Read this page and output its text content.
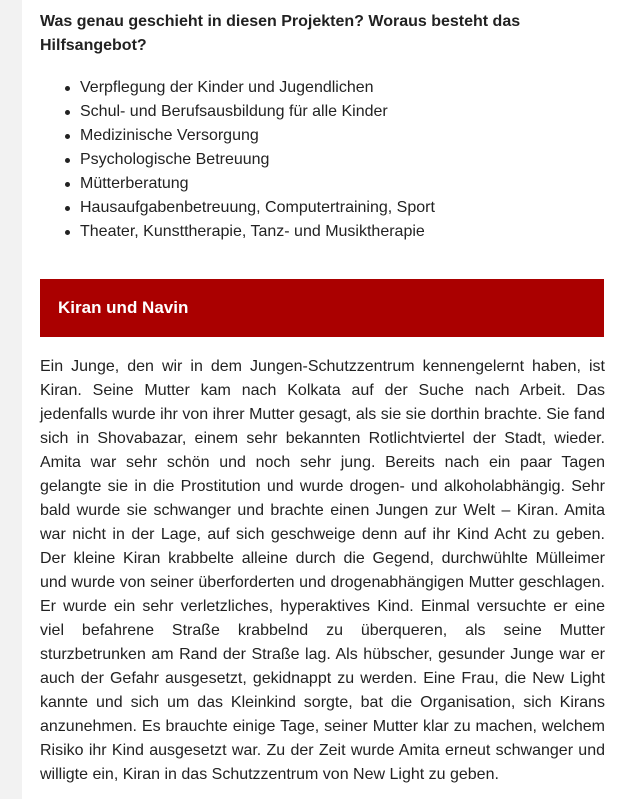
Was genau geschieht in diesen Projekten? Woraus besteht das Hilfsangebot?
Verpflegung der Kinder und Jugendlichen
Schul- und Berufsausbildung für alle Kinder
Medizinische Versorgung
Psychologische Betreuung
Mütterberatung
Hausaufgabenbetreuung, Computertraining, Sport
Theater, Kunsttherapie, Tanz- und Musiktherapie
Kiran und Navin

Ein Junge, den wir in dem Jungen-Schutzzentrum kennengelernt haben, ist Kiran. Seine Mutter kam nach Kolkata auf der Suche nach Arbeit. Das jedenfalls wurde ihr von ihrer Mutter gesagt, als sie sie dorthin brachte. Sie fand sich in Shovabazar, einem sehr bekannten Rotlichtviertel der Stadt, wieder. Amita war sehr schön und noch sehr jung. Bereits nach ein paar Tagen gelangte sie in die Prostitution und wurde drogen- und alkoholabhängig. Sehr bald wurde sie schwanger und brachte einen Jungen zur Welt – Kiran. Amita war nicht in der Lage, auf sich geschweige denn auf ihr Kind Acht zu geben. Der kleine Kiran krabbelte alleine durch die Gegend, durchwühlte Mülleimer und wurde von seiner überforderten und drogenabhängigen Mutter geschlagen. Er wurde ein sehr verletzliches, hyperaktives Kind. Einmal versuchte er eine viel befahrene Straße krabbelnd zu überqueren, als seine Mutter sturzbetrunken am Rand der Straße lag. Als hübscher, gesunder Junge war er auch der Gefahr ausgesetzt, gekidnappt zu werden. Eine Frau, die New Light kannte und sich um das Kleinkind sorgte, bat die Organisation, sich Kirans anzunehmen. Es brauchte einige Tage, seiner Mutter klar zu machen, welchem Risiko ihr Kind ausgesetzt war. Zu der Zeit wurde Amita erneut schwanger und willigte ein, Kiran in das Schutzzentrum von New Light zu geben.
